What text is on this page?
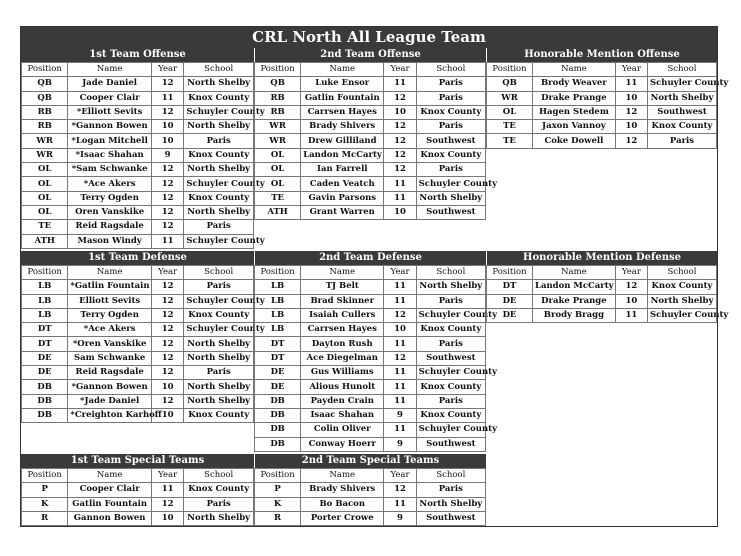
CRL North All League Team
1st Team Offense
Position	Name	Year	School
QB	Jade Daniel	12	North Shelby
QB	Cooper Clair	11	Knox County
RB	*Elliott Sevits	12	Schuyler County
RB	*Gannon Bowen	10	North Shelby
WR	*Logan Mitchell	10	Paris
WR	*Isaac Shahan	9	Knox County
OL	*Sam Schwanke	12	North Shelby
OL	*Ace Akers	12	Schuyler County
OL	Terry Ogden	12	Knox County
OL	Oren Vanskike	12	North Shelby
TE	Reid Ragsdale	12	Paris
ATH	Mason Windy	11	Schuyler County
2nd Team Offense
Position	Name	Year	School
QB	Luke Ensor	11	Paris
RB	Gatlin Fountain	12	Paris
RB	Carrsen Hayes	10	Knox County
WR	Brady Shivers	12	Paris
WR	Drew Gilliland	12	Southwest
OL	Landon McCarty	12	Knox County
OL	Ian Farrell	12	Paris
OL	Caden Veatch	11	Schuyler County
TE	Gavin Parsons	11	North Shelby
ATH	Grant Warren	10	Southwest
Honorable Mention Offense
Position	Name	Year	School
QB	Brody Weaver	11	Schuyler County
WR	Drake Prange	10	North Shelby
OL	Hagen Stedem	12	Southwest
TE	Jaxon Vannoy	10	Knox County
TE	Coke Dowell	12	Paris
1st Team Defense
Position	Name	Year	School
LB	*Gatlin Fountain	12	Paris
LB	Elliott Sevits	12	Schuyler County
LB	Terry Ogden	12	Knox County
DT	*Ace Akers	12	Schuyler County
DT	*Oren Vanskike	12	North Shelby
DE	Sam Schwanke	12	North Shelby
DE	Reid Ragsdale	12	Paris
DB	*Gannon Bowen	10	North Shelby
DB	*Jade Daniel	12	North Shelby
DB	*Creighton Karhoff	10	Knox County
2nd Team Defense
Position	Name	Year	School
LB	TJ Belt	11	North Shelby
LB	Brad Skinner	11	Paris
LB	Isaiah Cullers	12	Schuyler County
LB	Carrsen Hayes	10	Knox County
DT	Dayton Rush	11	Paris
DT	Ace Diegelman	12	Southwest
DE	Gus Williams	11	Schuyler County
DE	Alious Hunolt	11	Knox County
DB	Payden Crain	11	Paris
DB	Isaac Shahan	9	Knox County
DB	Colin Oliver	11	Schuyler County
DB	Conway Hoerr	9	Southwest
Honorable Mention Defense
Position	Name	Year	School
DT	Landon McCarty	12	Knox County
DE	Drake Prange	10	North Shelby
DE	Brody Bragg	11	Schuyler County
1st Team Special Teams
Position	Name	Year	School
P	Cooper Clair	11	Knox County
K	Gatlin Fountain	12	Paris
R	Gannon Bowen	10	North Shelby
2nd Team Special Teams
Position	Name	Year	School
P	Brady Shivers	12	Paris
K	Bo Bacon	11	North Shelby
R	Porter Crowe	9	Southwest
